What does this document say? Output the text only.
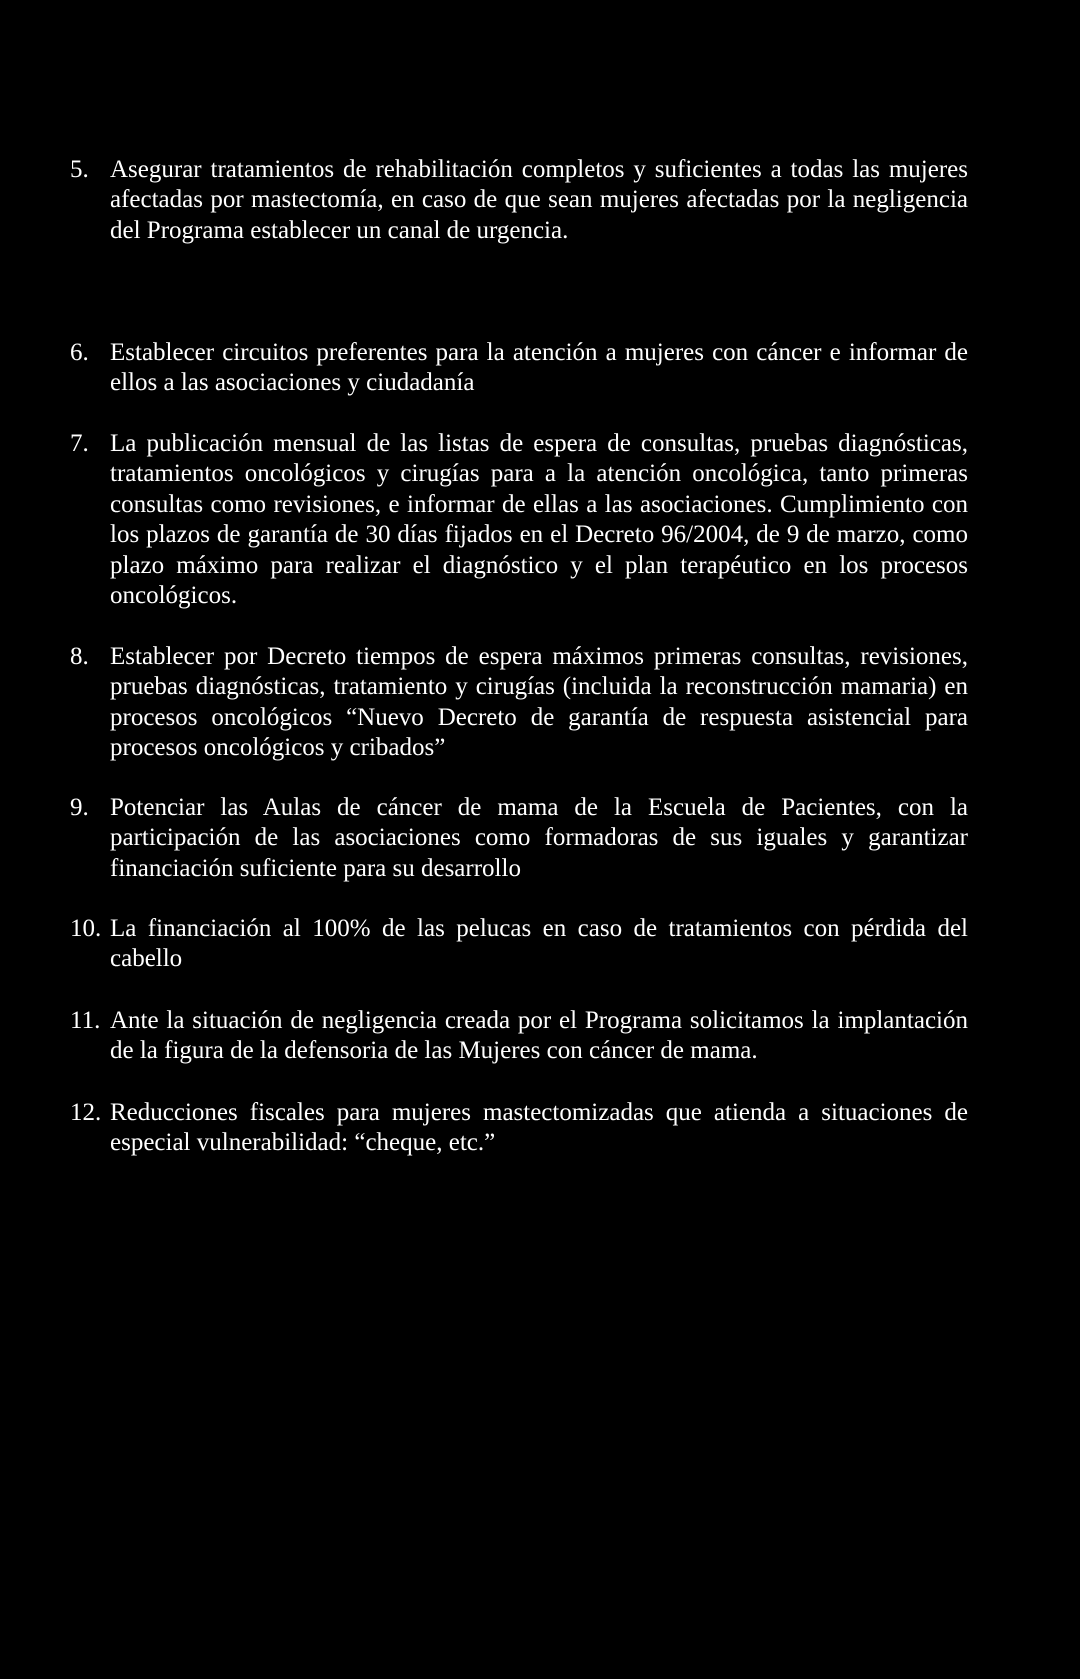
5. Asegurar tratamientos de rehabilitación completos y suficientes a todas las mujeres afectadas por mastectomía, en caso de que sean mujeres afectadas por la negligencia del Programa establecer un canal de urgencia.
6. Establecer circuitos preferentes para la atención a mujeres con cáncer e informar de ellos a las asociaciones y ciudadanía
7. La publicación mensual de las listas de espera de consultas, pruebas diagnósticas, tratamientos oncológicos y cirugías para a la atención oncológica, tanto primeras consultas como revisiones, e informar de ellas a las asociaciones. Cumplimiento con los plazos de garantía de 30 días fijados en el Decreto 96/2004, de 9 de marzo, como plazo máximo para realizar el diagnóstico y el plan terapéutico en los procesos oncológicos.
8. Establecer por Decreto tiempos de espera máximos primeras consultas, revisiones, pruebas diagnósticas, tratamiento y cirugías (incluida la reconstrucción mamaria) en procesos oncológicos “Nuevo Decreto de garantía de respuesta asistencial para procesos oncológicos y cribados”
9. Potenciar las Aulas de cáncer de mama de la Escuela de Pacientes, con la participación de las asociaciones como formadoras de sus iguales y garantizar financiación suficiente para su desarrollo
10. La financiación al 100% de las pelucas en caso de tratamientos con pérdida del cabello
11. Ante la situación de negligencia creada por el Programa solicitamos la implantación de la figura de la defensoria de las Mujeres con cáncer de mama.
12. Reducciones fiscales para mujeres mastectomizadas que atienda a situaciones de especial vulnerabilidad: “cheque, etc.”
